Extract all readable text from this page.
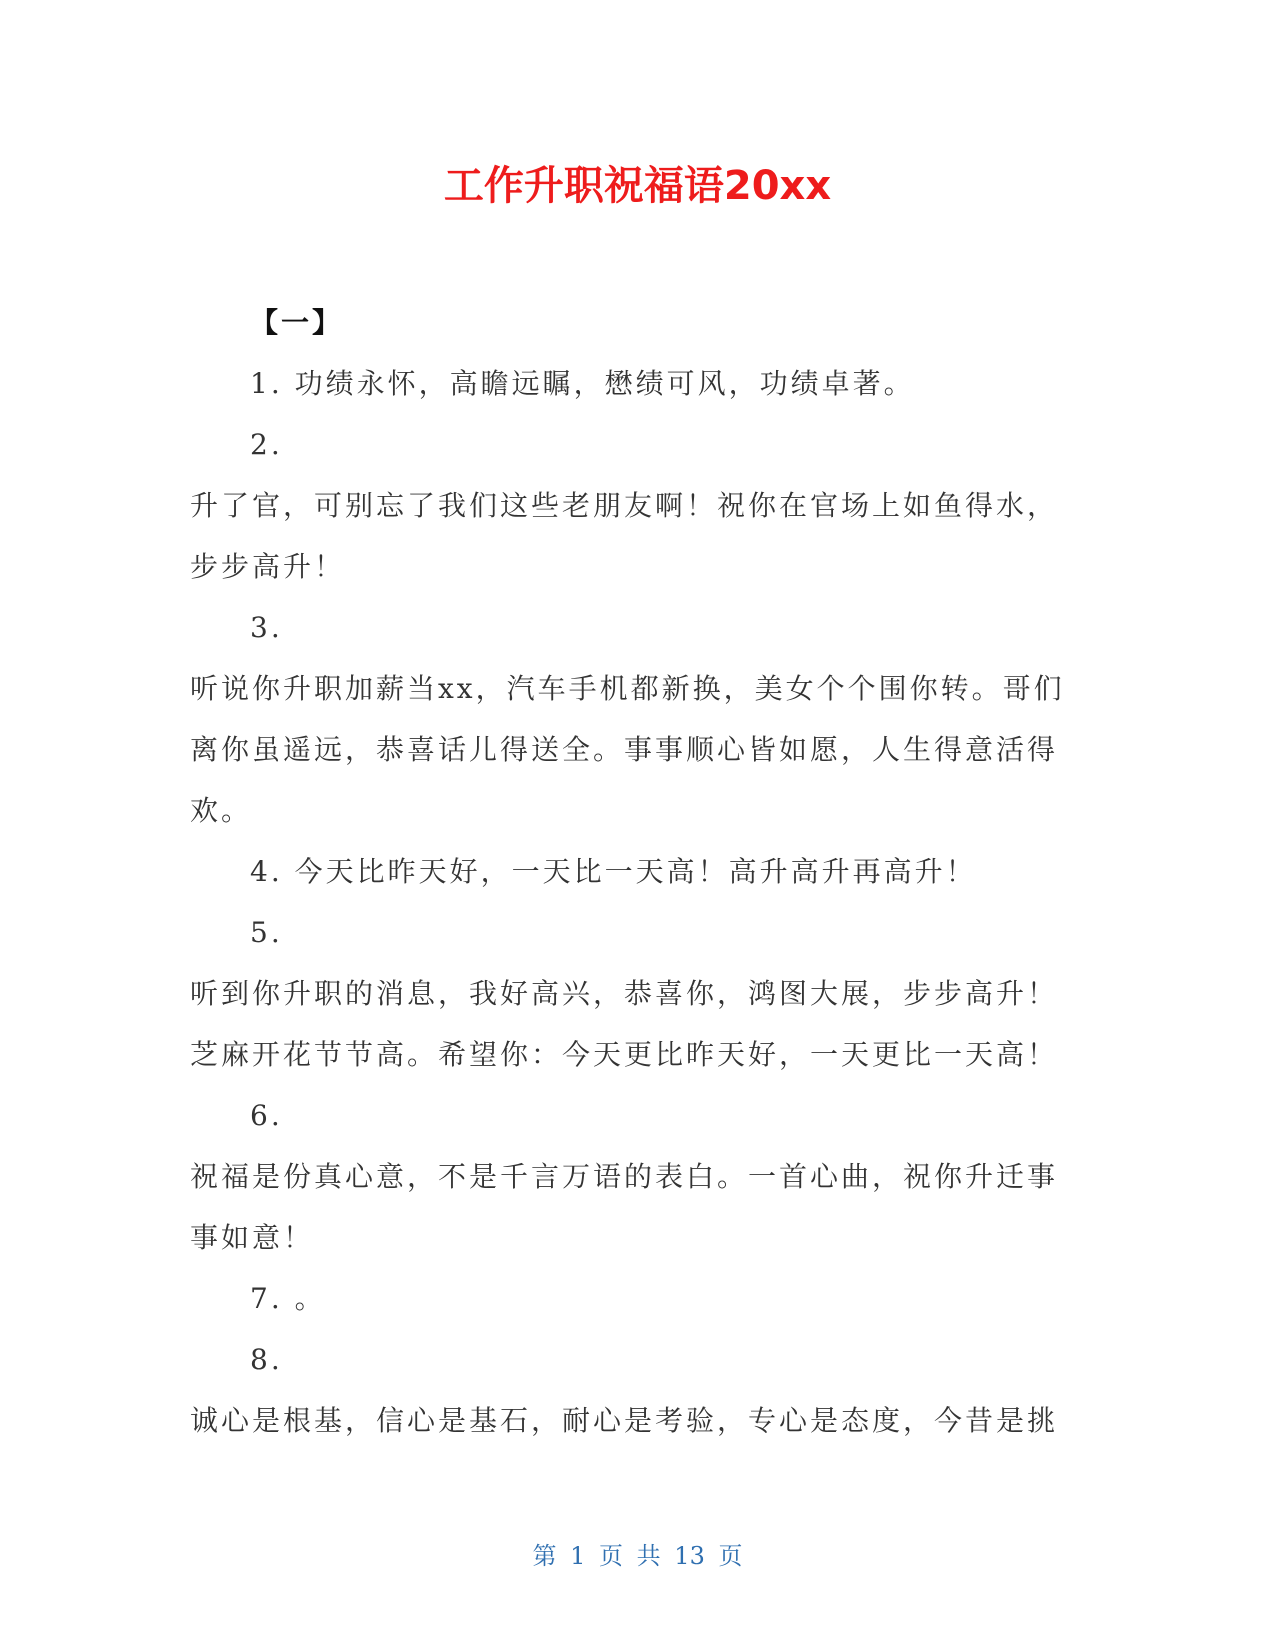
工作升职祝福语20xx

【一】

1. 功绩永怀，高瞻远瞩，懋绩可风，功绩卓著。

2.

升了官，可别忘了我们这些老朋友啊！祝你在官场上如鱼得水，

步步高升！

3.

听说你升职加薪当xx，汽车手机都新换，美女个个围你转。哥们

离你虽遥远，恭喜话儿得送全。事事顺心皆如愿，人生得意活得

欢。

4. 今天比昨天好，一天比一天高！高升高升再高升！

5.

听到你升职的消息，我好高兴，恭喜你，鸿图大展，步步高升！

芝麻开花节节高。希望你：今天更比昨天好，一天更比一天高！

6.

祝福是份真心意，不是千言万语的表白。一首心曲，祝你升迁事

事如意！

7. 。

8.

诚心是根基，信心是基石，耐心是考验，专心是态度，今昔是挑

第 1 页 共 13 页
